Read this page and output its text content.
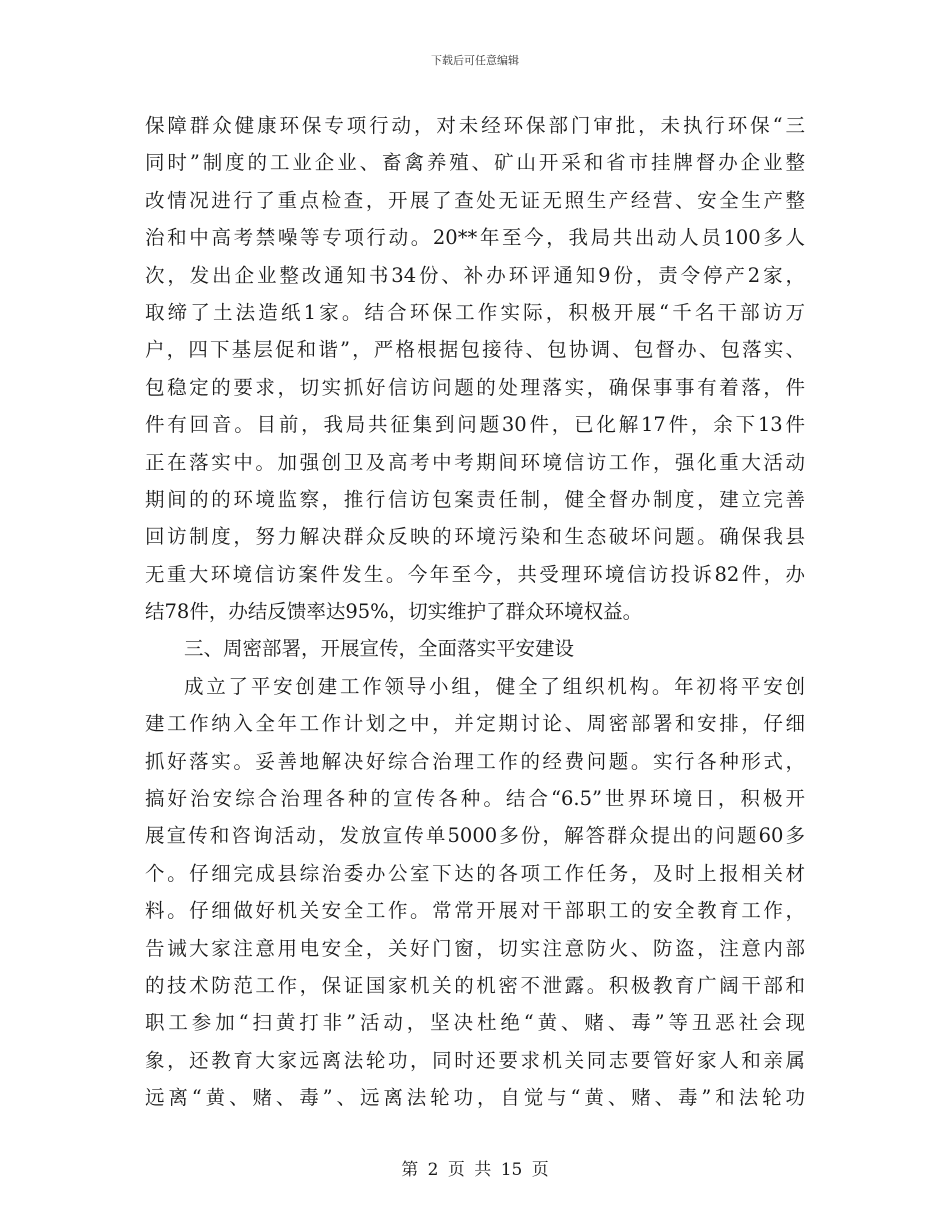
下载后可任意编辑
保障群众健康环保专项行动，对未经环保部门审批，未执行环保“三
同时”制度的工业企业、畜禽养殖、矿山开采和省市挂牌督办企业整
改情况进行了重点检查，开展了查处无证无照生产经营、安全生产整
治和中高考禁噪等专项行动。20**年至今，我局共出动人员100多人
次，发出企业整改通知书34份、补办环评通知9份，责令停产2家，
取缔了土法造纸1家。结合环保工作实际，积极开展“千名干部访万
户，四下基层促和谐”，严格根据包接待、包协调、包督办、包落实、
包稳定的要求，切实抓好信访问题的处理落实，确保事事有着落，件
件有回音。目前，我局共征集到问题30件，已化解17件，余下13件
正在落实中。加强创卫及高考中考期间环境信访工作，强化重大活动
期间的的环境监察，推行信访包案责任制，健全督办制度，建立完善
回访制度，努力解决群众反映的环境污染和生态破坏问题。确保我县
无重大环境信访案件发生。今年至今，共受理环境信访投诉82件，办
结78件，办结反馈率达95%，切实维护了群众环境权益。
三、周密部署，开展宣传，全面落实平安建设
成立了平安创建工作领导小组，健全了组织机构。年初将平安创
建工作纳入全年工作计划之中，并定期讨论、周密部署和安排，仔细
抓好落实。妥善地解决好综合治理工作的经费问题。实行各种形式，
搞好治安综合治理各种的宣传各种。结合“6.5”世界环境日，积极开
展宣传和咨询活动，发放宣传单5000多份，解答群众提出的问题60多
个。仔细完成县综治委办公室下达的各项工作任务，及时上报相关材
料。仔细做好机关安全工作。常常开展对干部职工的安全教育工作，
告诫大家注意用电安全，关好门窗，切实注意防火、防盗，注意内部
的技术防范工作，保证国家机关的机密不泄露。积极教育广阔干部和
职工参加“扫黄打非”活动，坚决杜绝“黄、赌、毒”等丑恶社会现
象，还教育大家远离法轮功，同时还要求机关同志要管好家人和亲属
远离“黄、赌、毒”、远离法轮功，自觉与“黄、赌、毒”和法轮功
第 2 页 共 15 页
